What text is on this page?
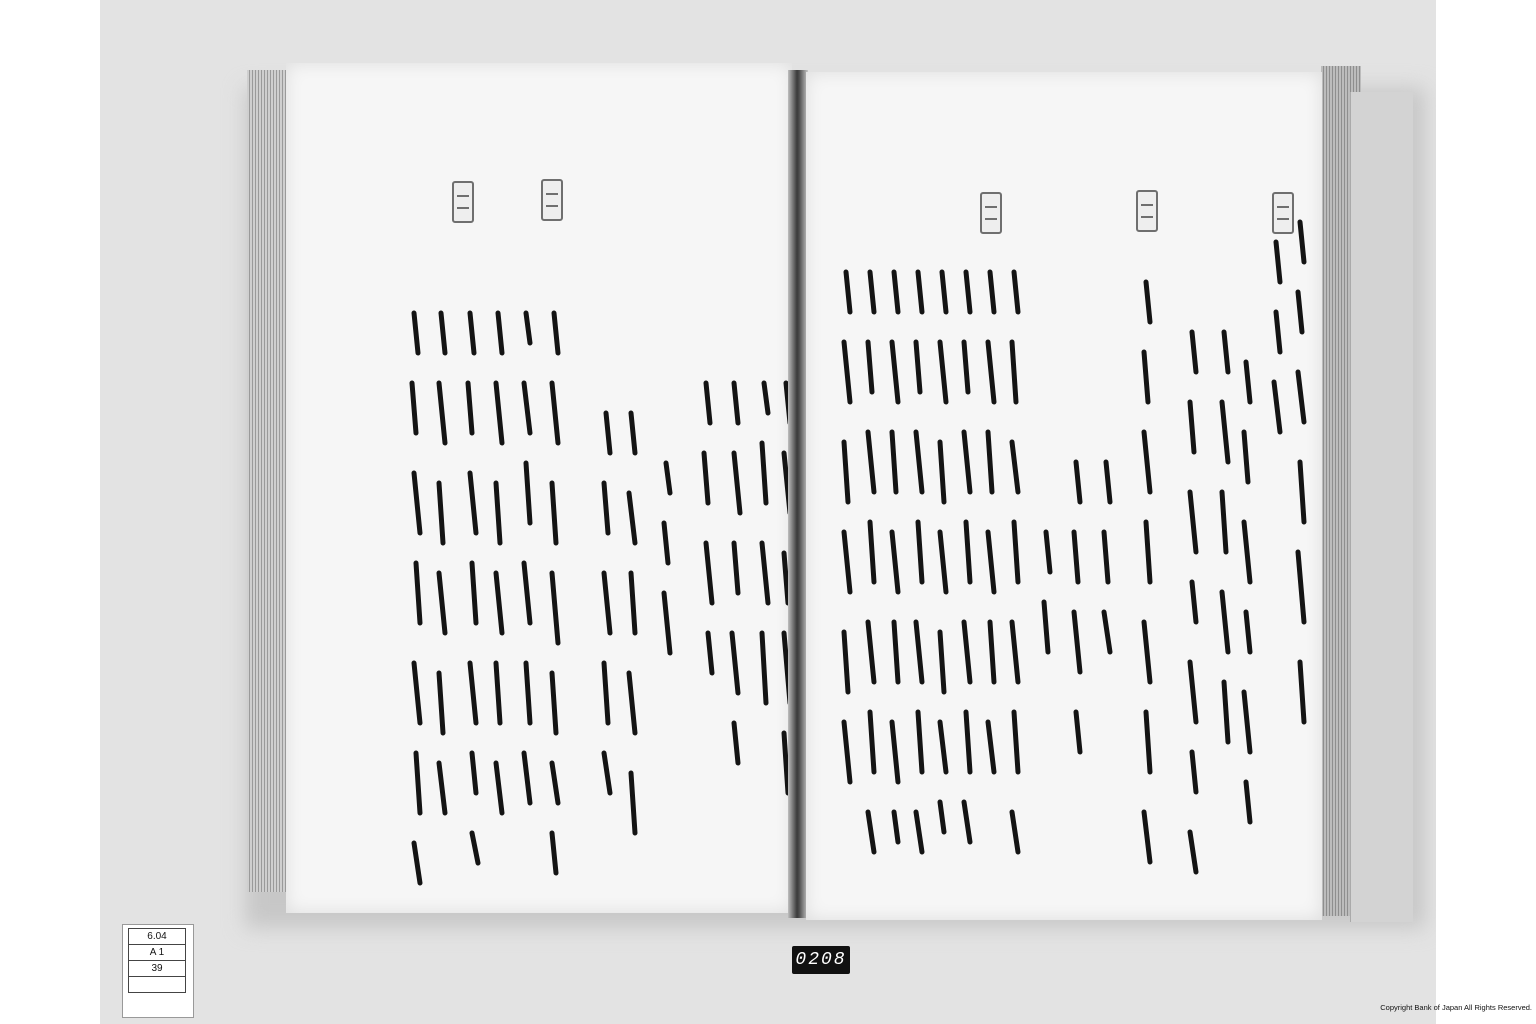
6.04
A 1
39	0208
Copyright Bank of Japan All Rights Reserved.
